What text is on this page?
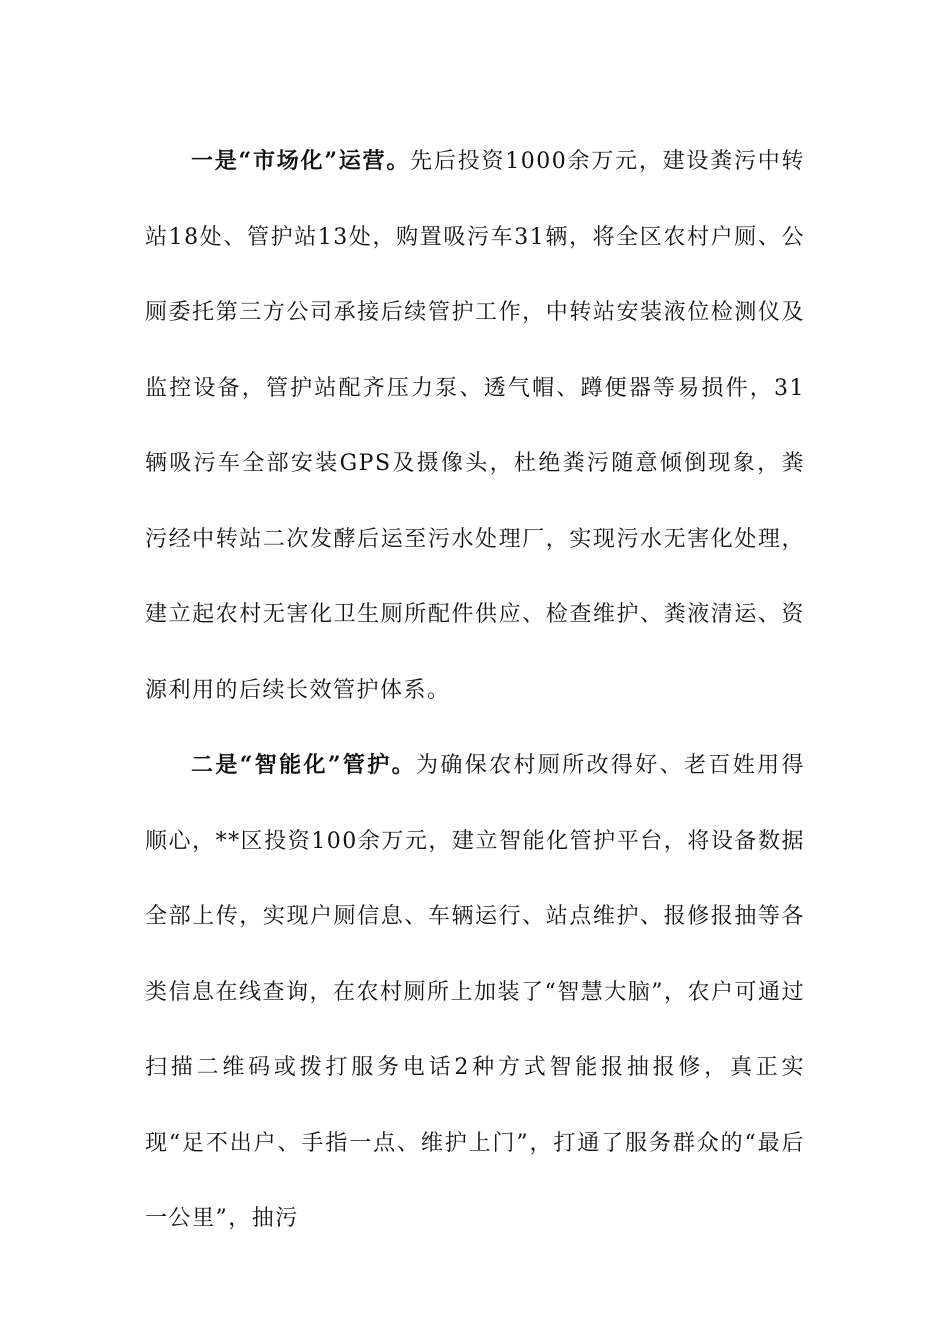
一是“市场化”运营。先后投资1000余万元，建设粪污中转站18处、管护站13处，购置吸污车31辆，将全区农村户厕、公厕委托第三方公司承接后续管护工作，中转站安装液位检测仪及监控设备，管护站配齐压力泵、透气帽、蹲便器等易损件，31辆吸污车全部安装GPS及摄像头，杜绝粪污随意倾倒现象，粪污经中转站二次发酵后运至污水处理厂，实现污水无害化处理，建立起农村无害化卫生厕所配件供应、检查维护、粪液清运、资源利用的后续长效管护体系。

二是“智能化”管护。为确保农村厕所改得好、老百姓用得顺心，**区投资100余万元，建立智能化管护平台，将设备数据全部上传，实现户厕信息、车辆运行、站点维护、报修报抽等各类信息在线查询，在农村厕所上加装了“智慧大脑”，农户可通过扫描二维码或拨打服务电话2种方式智能报抽报修，真正实现“足不出户、手指一点、维护上门”，打通了服务群众的“最后一公里”，抽污
